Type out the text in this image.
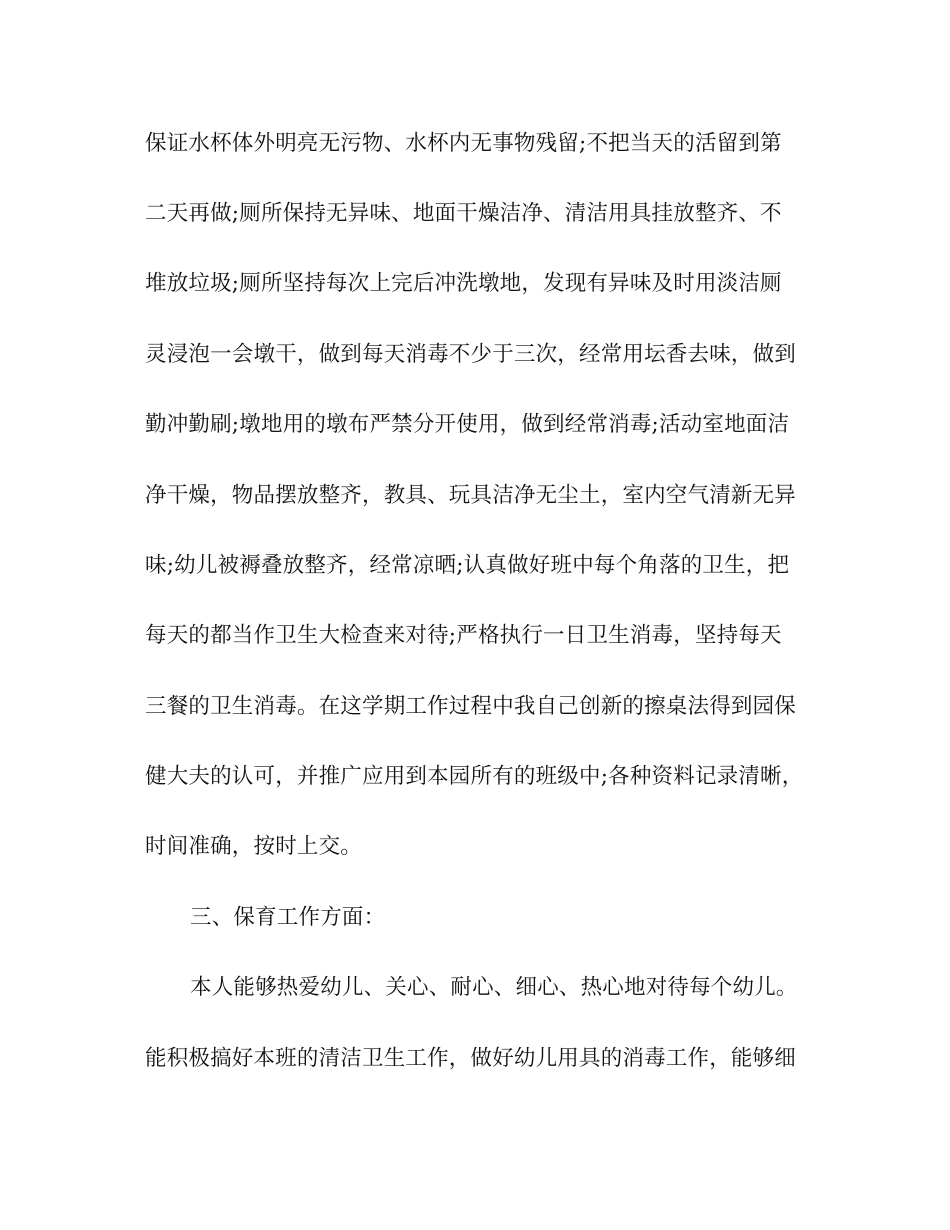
保证水杯体外明亮无污物、水杯内无事物残留;不把当天的活留到第
二天再做;厕所保持无异味、地面干燥洁净、清洁用具挂放整齐、不
堆放垃圾;厕所坚持每次上完后冲洗墩地，发现有异味及时用淡洁厕
灵浸泡一会墩干，做到每天消毒不少于三次，经常用坛香去味，做到
勤冲勤刷;墩地用的墩布严禁分开使用，做到经常消毒;活动室地面洁
净干燥，物品摆放整齐，教具、玩具洁净无尘土，室内空气清新无异
味;幼儿被褥叠放整齐，经常凉晒;认真做好班中每个角落的卫生，把
每天的都当作卫生大检查来对待;严格执行一日卫生消毒，坚持每天
三餐的卫生消毒。在这学期工作过程中我自己创新的擦桌法得到园保
健大夫的认可，并推广应用到本园所有的班级中;各种资料记录清晰，
时间准确，按时上交。
三、保育工作方面：
本人能够热爱幼儿、关心、耐心、细心、热心地对待每个幼儿。
能积极搞好本班的清洁卫生工作，做好幼儿用具的消毒工作，能够细
